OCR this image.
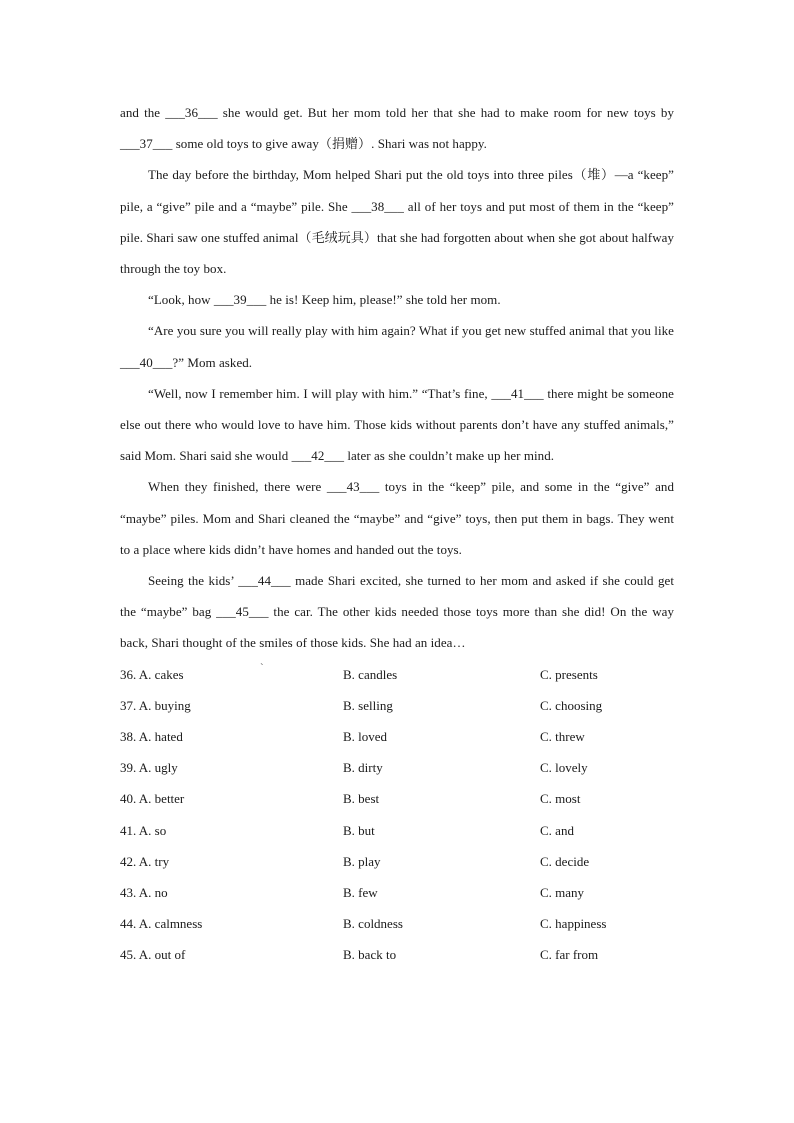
and the ___36___ she would get. But her mom told her that she had to make room for new toys by ___37___ some old toys to give away（捐赠）. Shari was not happy.

The day before the birthday, Mom helped Shari put the old toys into three piles（堆）—a “keep” pile, a “give” pile and a “maybe” pile. She ___38___ all of her toys and put most of them in the “keep” pile. Shari saw one stuffed animal（毛绒玩具）that she had forgotten about when she got about halfway through the toy box.

“Look, how ___39___ he is! Keep him, please!” she told her mom.

“Are you sure you will really play with him again? What if you get new stuffed animal that you like ___40___?” Mom asked.

“Well, now I remember him. I will play with him.” “That’s fine, ___41___ there might be someone else out there who would love to have him. Those kids without parents don’t have any stuffed animals,” said Mom. Shari said she would ___42___ later as she couldn’t make up her mind.

When they finished, there were ___43___ toys in the “keep” pile, and some in the “give” and “maybe” piles. Mom and Shari cleaned the “maybe” and “give” toys, then put them in bags. They went to a place where kids didn’t have homes and handed out the toys.

Seeing the kids’ ___44___ made Shari excited, she turned to her mom and asked if she could get the “maybe” bag ___45___ the car. The other kids needed those toys more than she did! On the way back, Shari thought of the smiles of those kids. She had an idea…

36. A. cakes	`	B. candles	C. presents
37. A. buying	B. selling	C. choosing
38. A. hated	B. loved	C. threw
39. A. ugly	B. dirty	C. lovely
40. A. better	B. best	C. most
41. A. so	B. but	C. and
42. A. try	B. play	C. decide
43. A. no	B. few	C. many
44. A. calmness	B. coldness	C. happiness
45. A. out of	B. back to	C. far from
